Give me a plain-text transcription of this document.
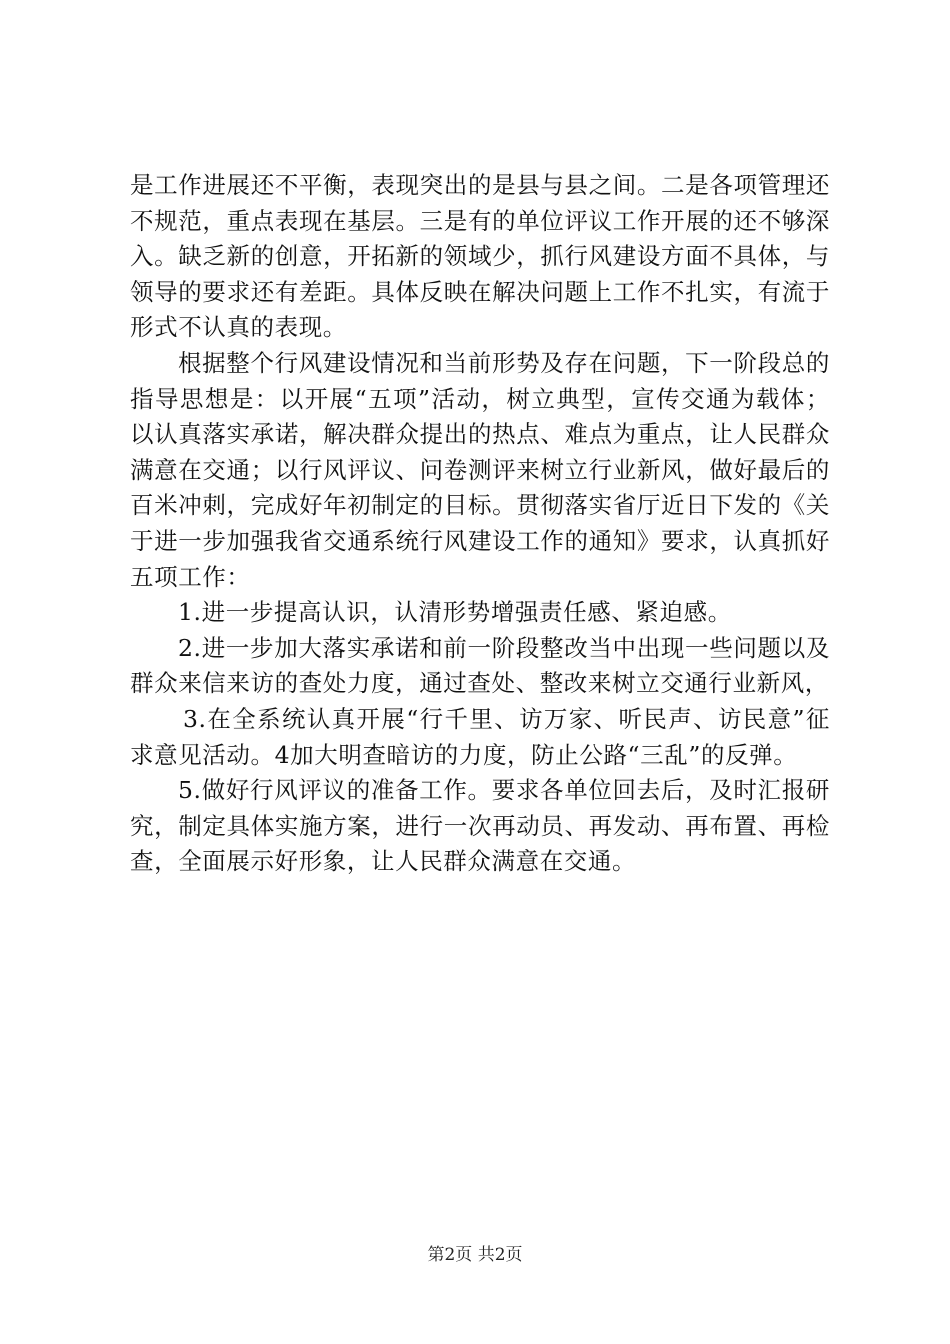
是工作进展还不平衡，表现突出的是县与县之间。二是各项管理还不规范，重点表现在基层。三是有的单位评议工作开展的还不够深入。缺乏新的创意，开拓新的领域少，抓行风建设方面不具体，与领导的要求还有差距。具体反映在解决问题上工作不扎实，有流于形式不认真的表现。

根据整个行风建设情况和当前形势及存在问题，下一阶段总的指导思想是：以开展“五项”活动，树立典型，宣传交通为载体；以认真落实承诺，解决群众提出的热点、难点为重点，让人民群众满意在交通；以行风评议、问卷测评来树立行业新风，做好最后的百米冲刺，完成好年初制定的目标。贯彻落实省厅近日下发的《关于进一步加强我省交通系统行风建设工作的通知》要求，认真抓好五项工作：

1.进一步提高认识，认清形势增强责任感、紧迫感。

2.进一步加大落实承诺和前一阶段整改当中出现一些问题以及群众来信来访的查处力度，通过查处、整改来树立交通行业新风，

3.在全系统认真开展“行千里、访万家、听民声、访民意”征求意见活动。4加大明查暗访的力度，防止公路“三乱”的反弹。

5.做好行风评议的准备工作。要求各单位回去后，及时汇报研究，制定具体实施方案，进行一次再动员、再发动、再布置、再检查，全面展示好形象，让人民群众满意在交通。

第2页 共2页
